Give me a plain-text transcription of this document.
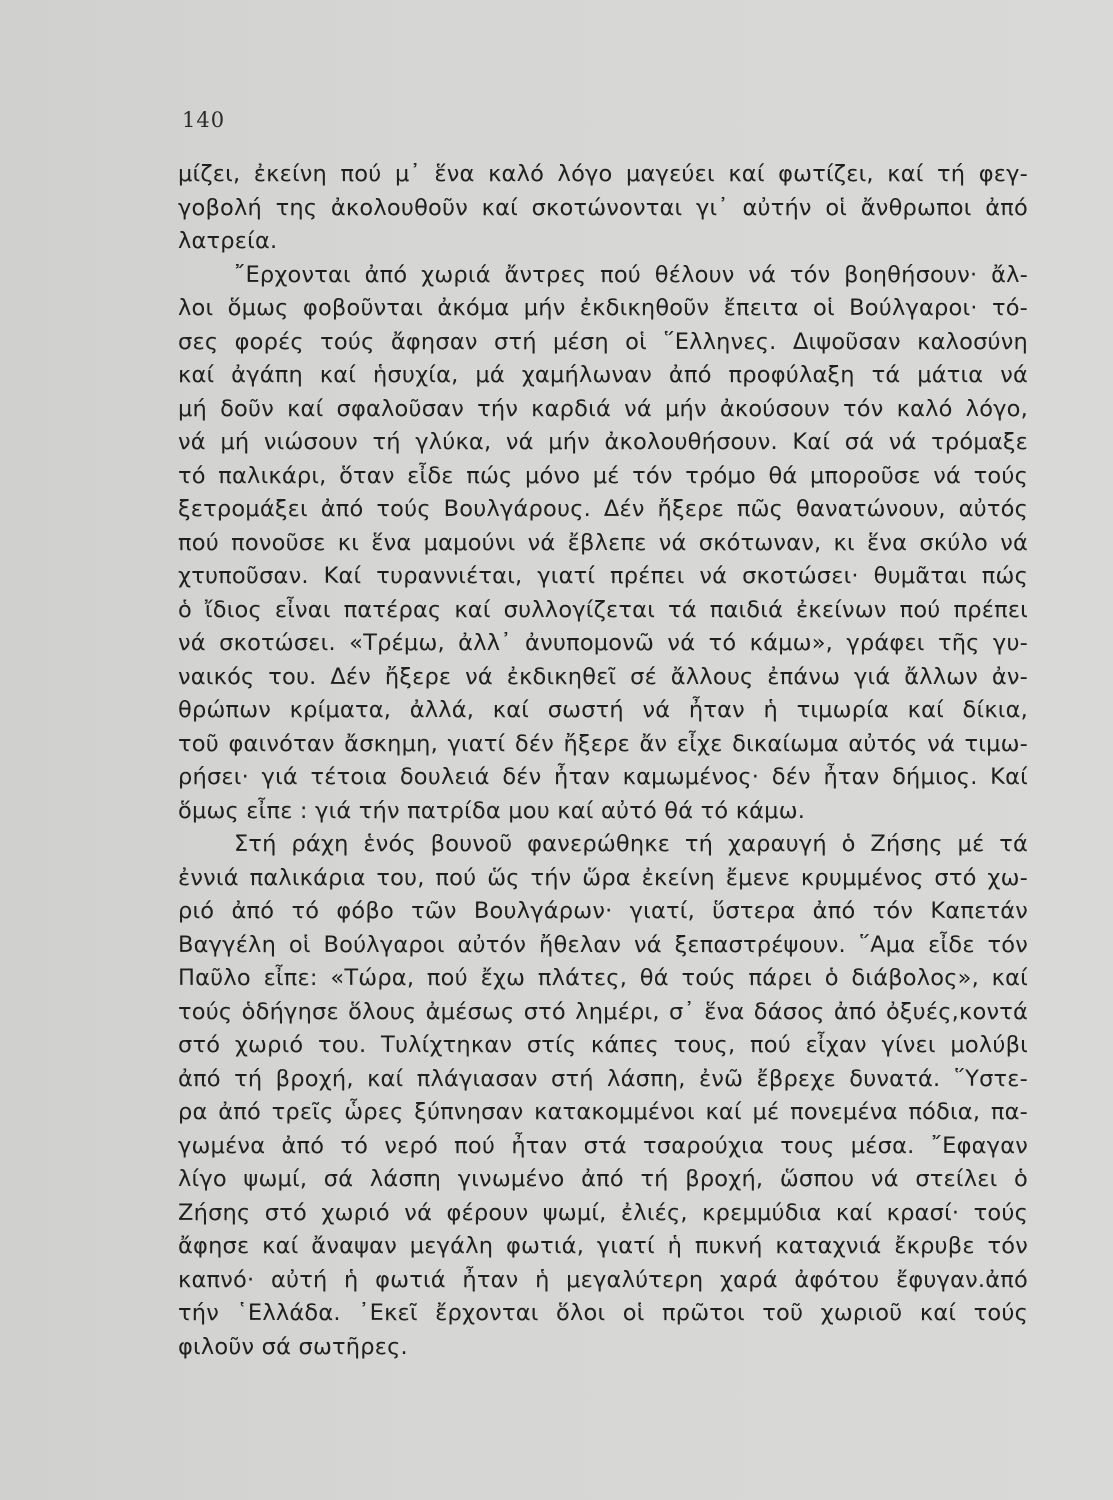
140
μίζει, ἐκείνη πού μ᾽ ἕνα καλό λόγο μαγεύει καί φωτίζει, καί τή φεγ-
γοβολή της ἀκολουθοῦν καί σκοτώνονται γι᾽ αὐτήν οἱ ἄνθρωποι ἀπό
λατρεία.
῎Ερχονται ἀπό χωριά ἄντρες πού θέλουν νά τόν βοηθήσουν· ἄλ-
λοι ὅμως φοβοῦνται ἀκόμα μήν ἐκδικηθοῦν ἔπειτα οἱ Βούλγαροι· τό-
σες φορές τούς ἄφησαν στή μέση οἱ ῞Ελληνες. Διψοῦσαν καλοσύνη
καί ἀγάπη καί ἡσυχία, μά χαμήλωναν ἀπό προφύλαξη τά μάτια νά
μή δοῦν καί σφαλοῦσαν τήν καρδιά νά μήν ἀκούσουν τόν καλό λόγο,
νά μή νιώσουν τή γλύκα, νά μήν ἀκολουθήσουν. Καί σά νά τρόμαξε
τό παλικάρι, ὅταν εἶδε πώς μόνο μέ τόν τρόμο θά μποροῦσε νά τούς
ξετρομάξει ἀπό τούς Βουλγάρους. Δέν ἤξερε πῶς θανατώνουν, αὐτός
πού πονοῦσε κι ἕνα μαμούνι νά ἔβλεπε νά σκότωναν, κι ἕνα σκύλο νά
χτυποῦσαν. Καί τυραννιέται, γιατί πρέπει νά σκοτώσει· θυμᾶται πώς
ὁ ἴδιος εἶναι πατέρας καί συλλογίζεται τά παιδιά ἐκείνων πού πρέπει
νά σκοτώσει. «Τρέμω, ἀλλ᾽ ἀνυπομονῶ νά τό κάμω», γράφει τῆς γυ-
ναικός του. Δέν ἤξερε νά ἐκδικηθεῖ σέ ἄλλους ἐπάνω γιά ἄλλων ἀν-
θρώπων κρίματα, ἀλλά, καί σωστή νά ἦταν ἡ τιμωρία καί δίκια,
τοῦ φαινόταν ἄσκημη, γιατί δέν ἤξερε ἄν εἶχε δικαίωμα αὐτός νά τιμω-
ρήσει· γιά τέτοια δουλειά δέν ἦταν καμωμένος· δέν ἦταν δήμιος. Καί
ὅμως εἶπε : γιά τήν πατρίδα μου καί αὐτό θά τό κάμω.
Στή ράχη ἑνός βουνοῦ φανερώθηκε τή χαραυγή ὁ Ζήσης μέ τά
ἐννιά παλικάρια του, πού ὥς τήν ὥρα ἐκείνη ἔμενε κρυμμένος στό χω-
ριό ἀπό τό φόβο τῶν Βουλγάρων· γιατί, ὕστερα ἀπό τόν Καπετάν
Βαγγέλη οἱ Βούλγαροι αὐτόν ἤθελαν νά ξεπαστρέψουν. ῞Αμα εἶδε τόν
Παῦλο εἶπε: «Τώρα, πού ἔχω πλάτες, θά τούς πάρει ὁ διάβολος», καί
τούς ὁδήγησε ὅλους ἀμέσως στό λημέρι, σ᾽ ἕνα δάσος ἀπό ὀξυές,κοντά
στό χωριό του. Τυλίχτηκαν στίς κάπες τους, πού εἶχαν γίνει μολύβι
ἀπό τή βροχή, καί πλάγιασαν στή λάσπη, ἐνῶ ἔβρεχε δυνατά. ῞Υστε-
ρα ἀπό τρεῖς ὧρες ξύπνησαν κατακομμένοι καί μέ πονεμένα πόδια, πα-
γωμένα ἀπό τό νερό πού ἦταν στά τσαρούχια τους μέσα. ῎Εφαγαν
λίγο ψωμί, σά λάσπη γινωμένο ἀπό τή βροχή, ὥσπου νά στείλει ὁ
Ζήσης στό χωριό νά φέρουν ψωμί, ἐλιές, κρεμμύδια καί κρασί· τούς
ἄφησε καί ἄναψαν μεγάλη φωτιά, γιατί ἡ πυκνή καταχνιά ἔκρυβε τόν
καπνό· αὐτή ἡ φωτιά ἦταν ἡ μεγαλύτερη χαρά ἀφότου ἔφυγαν.ἀπό
τήν ῾Ελλάδα. ᾽Εκεῖ ἔρχονται ὅλοι οἱ πρῶτοι τοῦ χωριοῦ καί τούς
φιλοῦν σά σωτῆρες.
